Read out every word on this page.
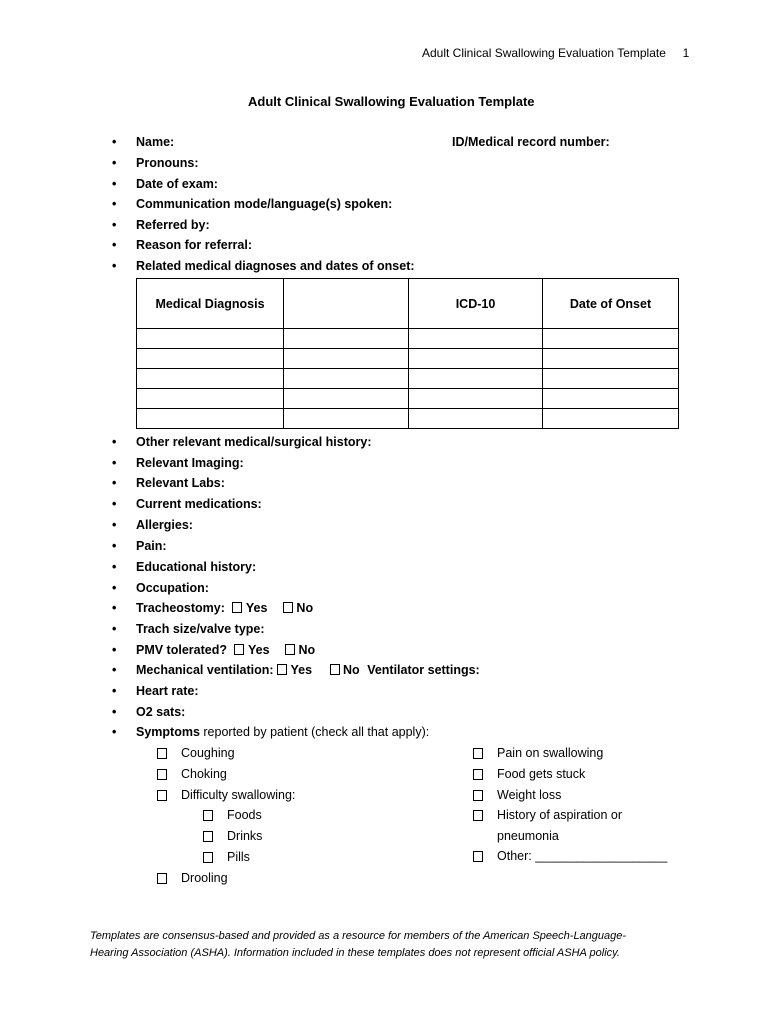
Adult Clinical Swallowing Evaluation Template 1
Adult Clinical Swallowing Evaluation Template
• Name:	ID/Medical record number:
• Pronouns:
• Date of exam:
• Communication mode/language(s) spoken:
• Referred by:
• Reason for referral:
• Related medical diagnoses and dates of onset:
Medical Diagnosis		ICD-10	Date of Onset

• Other relevant medical/surgical history:
• Relevant Imaging:
• Relevant Labs:
• Current medications:
• Allergies:
• Pain:
• Educational history:
• Occupation:
• Tracheostomy: Yes No
• Trach size/valve type:
• PMV tolerated? Yes No
• Mechanical ventilation: Yes No Ventilator settings:
• Heart rate:
• O2 sats:
• Symptoms reported by patient (check all that apply):
Coughing
Choking
Difficulty swallowing:
Foods
Drinks
Pills
Drooling
Pain on swallowing
Food gets stuck
Weight loss
History of aspiration or
pneumonia
Other: ___________________
Templates are consensus-based and provided as a resource for members of the American Speech-Language-
Hearing Association (ASHA). Information included in these templates does not represent official ASHA policy.
